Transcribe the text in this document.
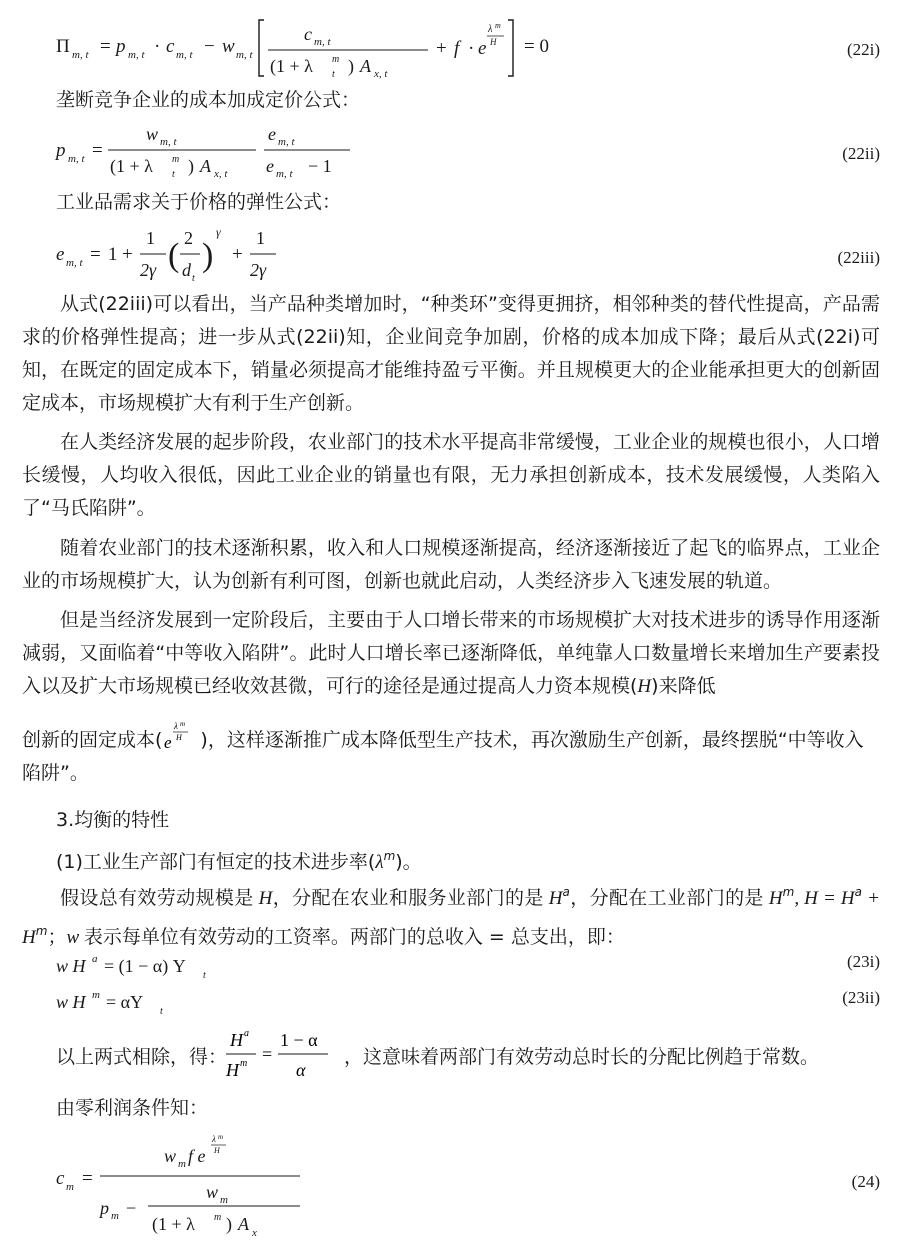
Π m, t = p m, t · c m, t − w m, t
c m, t
(1 + λ m
t ) A x, t
+ f · e
λ m
H = 0	(22i)

垄断竞争企业的成本加成定价公式：

p m, t =
w m, t
(1 + λ m
t ) A x, t
e m, t
e m, t − 1
(22ii)

工业品需求关于价格的弹性公式：

e m, t = 1 +
1
2γ ( 2
d t
)
γ
+
1
2γ
(22iii)

从式(22iii)可以看出，当产品种类增加时，“种类环”变得更拥挤，相邻种类的替代性提高，产品需求的价格弹性提高；进一步从式(22ii)知，企业间竞争加剧，价格的成本加成下降；最后从式(22i)可知，在既定的固定成本下，销量必须提高才能维持盈亏平衡。并且规模更大的企业能承担更大的创新固定成本，市场规模扩大有利于生产创新。

在人类经济发展的起步阶段，农业部门的技术水平提高非常缓慢，工业企业的规模也很小，人口增长缓慢，人均收入很低，因此工业企业的销量也有限，无力承担创新成本，技术发展缓慢，人类陷入了“马氏陷阱”。

随着农业部门的技术逐渐积累，收入和人口规模逐渐提高，经济逐渐接近了起飞的临界点，工业企业的市场规模扩大，认为创新有利可图，创新也就此启动，人类经济步入飞速发展的轨道。

但是当经济发展到一定阶段后，主要由于人口增长带来的市场规模扩大对技术进步的诱导作用逐渐减弱，又面临着“中等收入陷阱”。此时人口增长率已逐渐降低，单纯靠人口数量增长来增加生产要素投入以及扩大市场规模已经收效甚微，可行的途径是通过提高人力资本规模(H)来降低

创新的固定成本( e
λ m
H )，这样逐渐推广成本降低型生产技术，再次激励生产创新，最终摆脱“中等收入陷阱”。

3.均衡的特性

(1)工业生产部门有恒定的技术进步率$(\lambda^m)$。

假设总有效劳动规模是 H，分配在农业和服务业部门的是 $H^a$，分配在工业部门的是 $H^m$, $H = H^a + H^m$；w 表示每单位有效劳动的工资率。两部门的总收入 = 总支出，即：

w H a = (1 − α) Y t
(23i)
w H m = αY t
(23ii)
以上两式相除，得：
H a
H m =
1 − α
α
，这意味着两部门有效劳动总时长的分配比例趋于常数。

由零利润条件知：

c m =
w m f e
λ m
H
p m −
w m
(1 + λ m ) A x
(24)
